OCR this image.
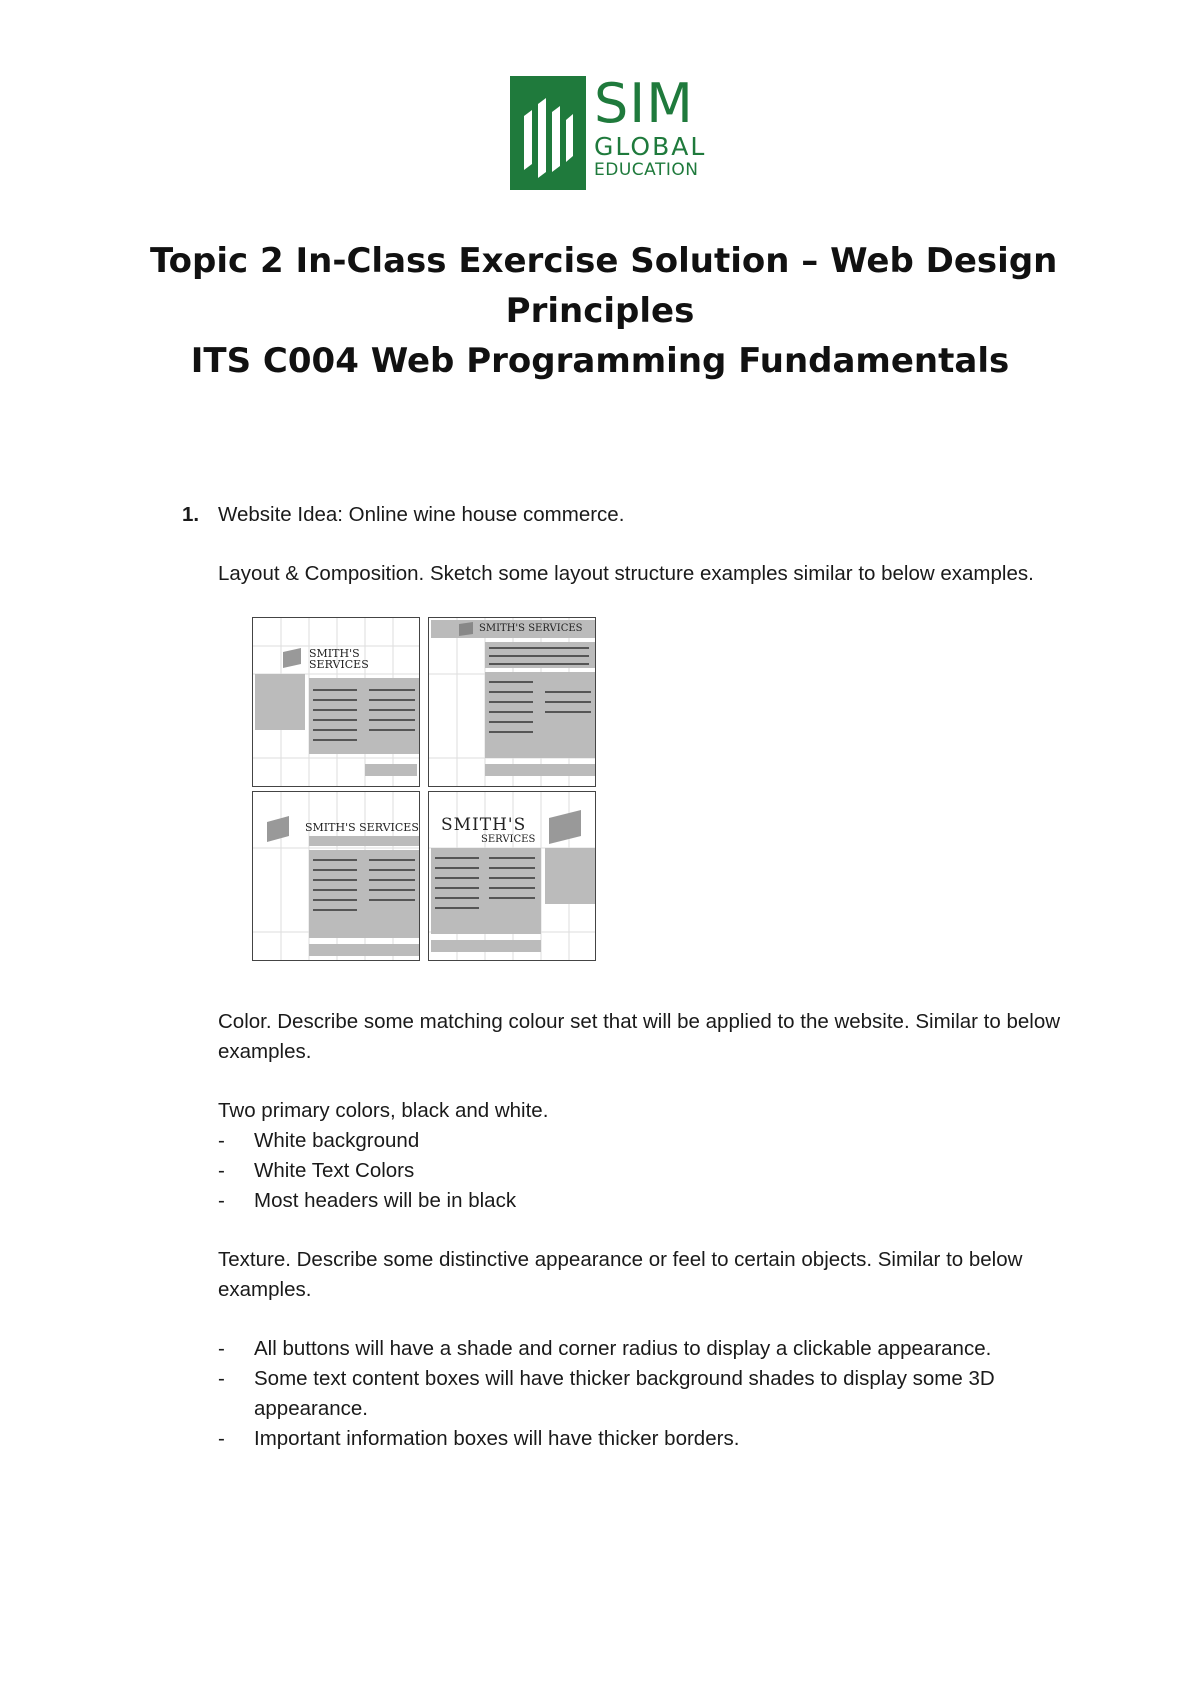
SIM
GLOBAL
EDUCATION
Topic 2 In-Class Exercise Solution – Web Design
Principles
ITS C004 Web Programming Fundamentals
1. Website Idea: Online wine house commerce.

Layout & Composition. Sketch some layout structure examples similar to below examples.

SMITH'S
SERVICES
SMITH'S SERVICES
SMITH'S SERVICES SMITH'S
SERVICES

Color. Describe some matching colour set that will be applied to the website. Similar to below examples.

Two primary colors, black and white.

- White background
- White Text Colors
- Most headers will be in black

Texture. Describe some distinctive appearance or feel to certain objects. Similar to below examples.

- All buttons will have a shade and corner radius to display a clickable appearance.
- Some text content boxes will have thicker background shades to display some 3D appearance.
- Important information boxes will have thicker borders.
